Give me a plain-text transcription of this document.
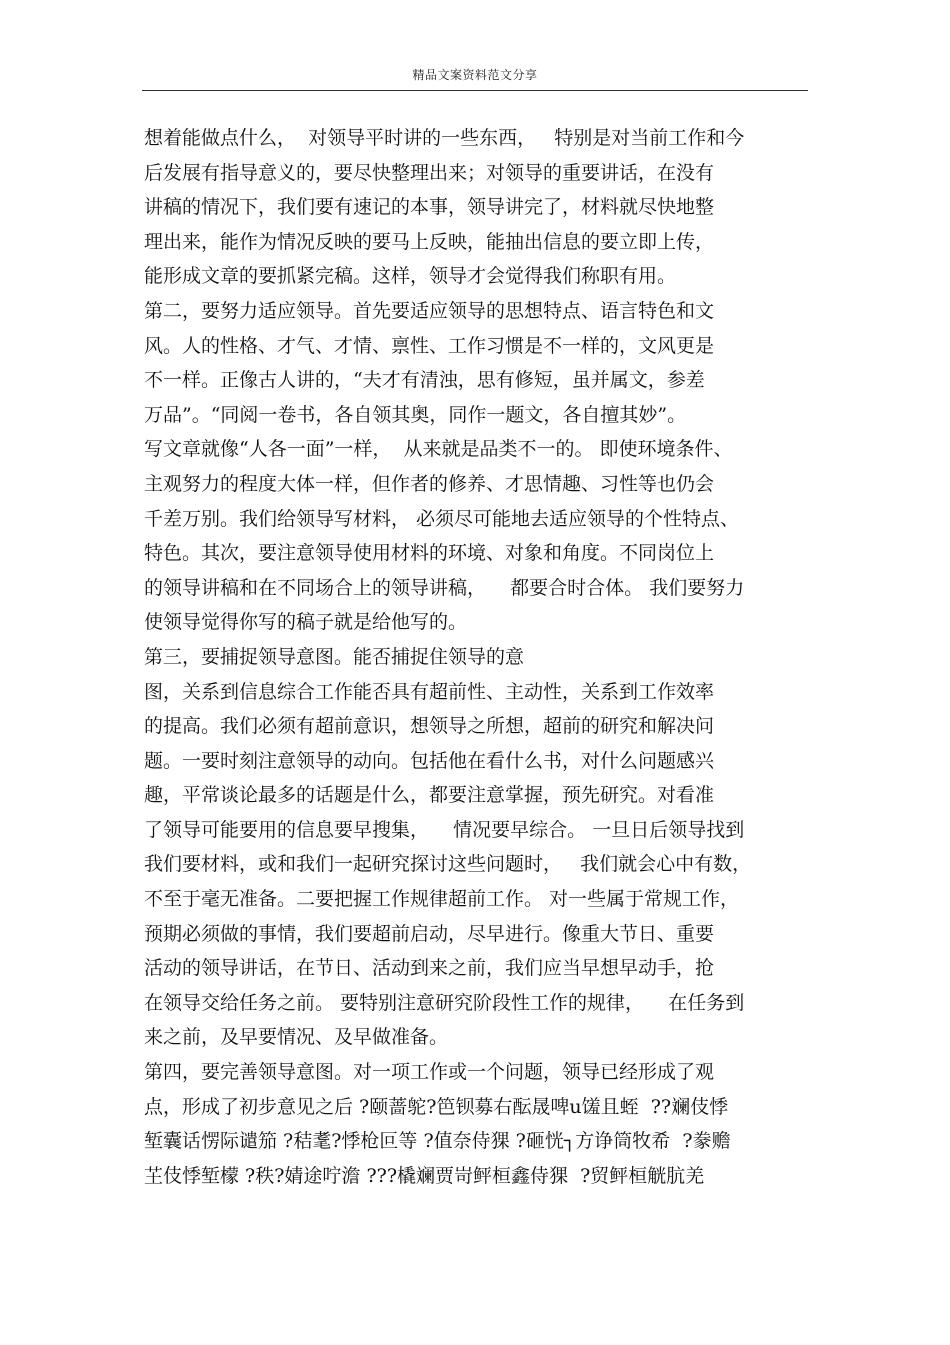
精品文案资料范文分享
想着能做点什么，  对领导平时讲的一些东西，   特别是对当前工作和今
后发展有指导意义的，要尽快整理出来；对领导的重要讲话，在没有
讲稿的情况下，我们要有速记的本事，领导讲完了，材料就尽快地整
理出来，能作为情况反映的要马上反映，能抽出信息的要立即上传，
能形成文章的要抓紧完稿。这样，领导才会觉得我们称职有用。
第二，要努力适应领导。首先要适应领导的思想特点、语言特色和文
风。人的性格、才气、才情、禀性、工作习惯是不一样的，文风更是
不一样。正像古人讲的，“夫才有清浊，思有修短，虽并属文，参差
万品”。“同阅一卷书，各自领其奥，同作一题文，各自擅其妙”。
写文章就像“人各一面”一样，  从来就是品类不一的。 即使环境条件、
主观努力的程度大体一样，但作者的修养、才思情趣、习性等也仍会
千差万别。我们给领导写材料， 必须尽可能地去适应领导的个性特点、
特色。其次，要注意领导使用材料的环境、对象和角度。不同岗位上
的领导讲稿和在不同场合上的领导讲稿，    都要合时合体。 我们要努力
使领导觉得你写的稿子就是给他写的。
第三，要捕捉领导意图。能否捕捉住领导的意
图，关系到信息综合工作能否具有超前性、主动性，关系到工作效率
的提高。我们必须有超前意识，想领导之所想，超前的研究和解决问
题。一要时刻注意领导的动向。包括他在看什么书，对什么问题感兴
趣，平常谈论最多的话题是什么，都要注意掌握，预先研究。对看准
了领导可能要用的信息要早搜集，    情况要早综合。 一旦日后领导找到
我们要材料，或和我们一起研究探讨这些问题时，   我们就会心中有数，
不至于毫无准备。二要把握工作规律超前工作。 对一些属于常规工作，
预期必须做的事情，我们要超前启动，尽早进行。像重大节日、重要
活动的领导讲话，在节日、活动到来之前，我们应当早想早动手，抢
在领导交给任务之前。 要特别注意研究阶段性工作的规律，    在任务到
来之前，及早要情况、及早做准备。
第四，要完善领导意图。对一项工作或一个问题，领导已经形成了观
点，形成了初步意见之后 ?颐蔷鸵?笆钡募右酝晟啤u馐且蛭  ??斓伎悸
堑囊话愣际谴笳 ?秸耄?悸枪叵等 ?值奈侍猓 ?砸恍┐方诤筒牧希  ?豢赡
芏伎悸堑檬 ?秩?婧途咛澹 ???橇斓贾岢鲆桓鑫侍猓  ?贸鲆桓觥肮羌
